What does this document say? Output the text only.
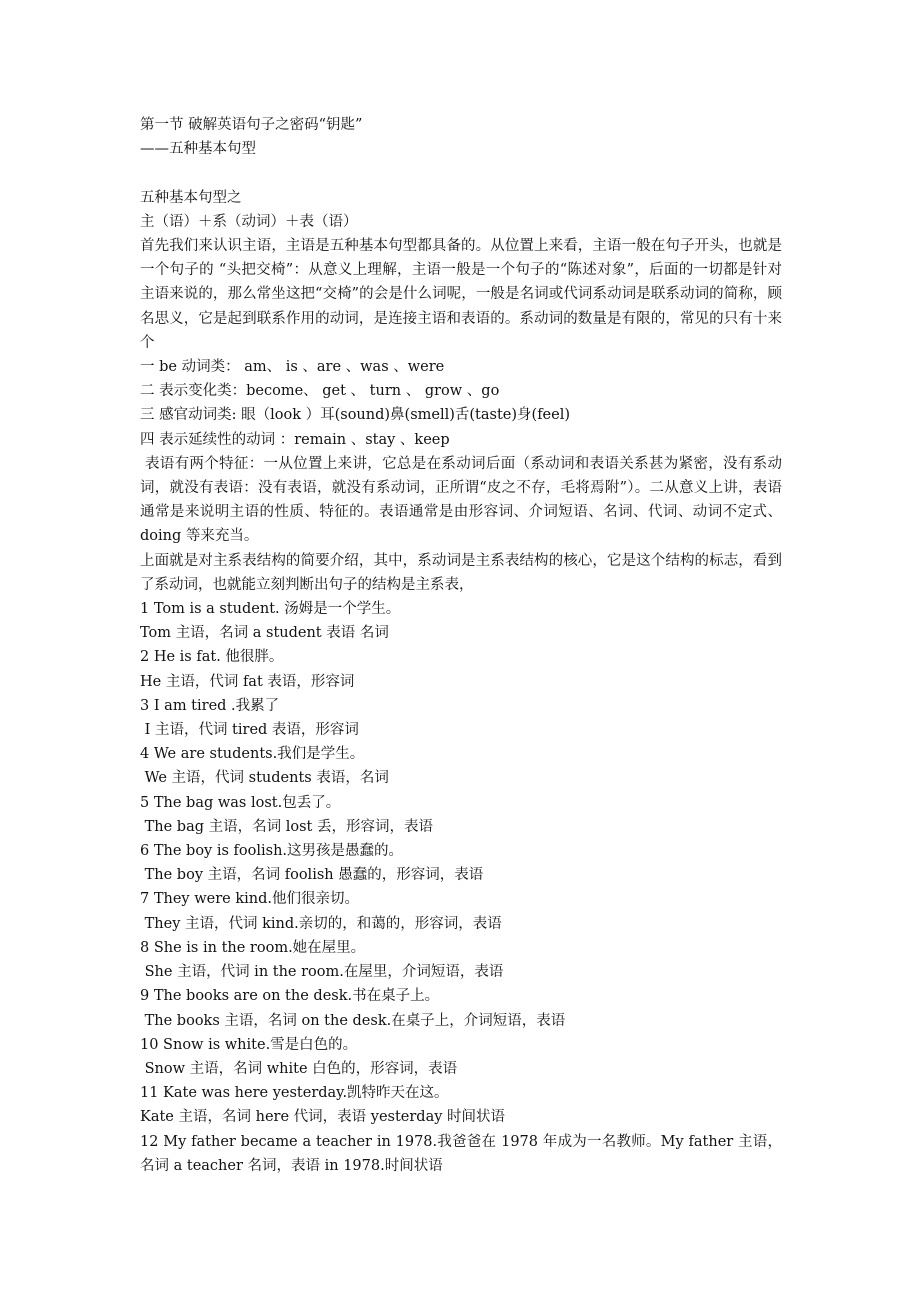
第一节 破解英语句子之密码“钥匙”

——五种基本句型

五种基本句型之

主（语）＋系（动词）＋表（语）

首先我们来认识主语，主语是五种基本句型都具备的。从位置上来看，主语一般在句子开头，也就是一个句子的 “头把交椅”：从意义上理解，主语一般是一个句子的“陈述对象”，后面的一切都是针对主语来说的，那么常坐这把“交椅”的会是什么词呢，一般是名词或代词系动词是联系动词的简称，顾名思义，它是起到联系作用的动词，是连接主语和表语的。系动词的数量是有限的，常见的只有十来个

一 be 动词类： am、 is 、are 、was 、were

二 表示变化类：become、 get 、 turn 、 grow 、go

三 感官动词类: 眼（look ）耳(sound)鼻(smell)舌(taste)身(feel)

四 表示延续性的动词 ：remain 、stay 、keep

表语有两个特征：一从位置上来讲，它总是在系动词后面（系动词和表语关系甚为紧密，没有系动词，就没有表语：没有表语，就没有系动词，正所谓“皮之不存，毛将焉附”）。二从意义上讲，表语通常是来说明主语的性质、特征的。表语通常是由形容词、介词短语、名词、代词、动词不定式、doing 等来充当。

上面就是对主系表结构的简要介绍，其中，系动词是主系表结构的核心，它是这个结构的标志，看到了系动词，也就能立刻判断出句子的结构是主系表，

1 Tom is a student. 汤姆是一个学生。

Tom 主语，名词 a student 表语 名词

2 He is fat. 他很胖。

He 主语，代词 fat 表语，形容词

3 I am tired .我累了

I 主语，代词 tired 表语，形容词

4 We are students.我们是学生。

We 主语，代词 students 表语，名词

5 The bag was lost.包丢了。

The bag 主语，名词 lost 丢，形容词，表语

6 The boy is foolish.这男孩是愚蠢的。

The boy 主语，名词 foolish 愚蠢的，形容词，表语

7 They were kind.他们很亲切。

They 主语，代词 kind.亲切的，和蔼的，形容词，表语

8 She is in the room.她在屋里。

She 主语，代词 in the room.在屋里，介词短语，表语

9 The books are on the desk.书在桌子上。

The books 主语，名词 on the desk.在桌子上，介词短语，表语

10 Snow is white.雪是白色的。

Snow 主语，名词 white 白色的，形容词，表语

11 Kate was here yesterday.凯特昨天在这。

Kate 主语，名词 here 代词，表语 yesterday 时间状语

12 My father became a teacher in 1978.我爸爸在 1978 年成为一名教师。My father 主语，名词 a teacher 名词，表语 in 1978.时间状语
